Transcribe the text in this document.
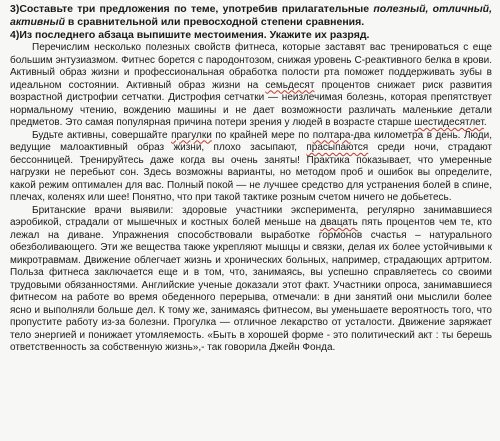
3)Составьте три предложения по теме, употребив прилагательные полезный, отличный, активный в сравнительной или превосходной степени сравнения.

4)Из последнего абзаца выпишите местоимения. Укажите их разряд.

Перечислим несколько полезных свойств фитнеса, которые заставят вас тренироваться с еще большим энтузиазмом. Фитнес борется с пародонтозом, снижая уровень С-реактивного белка в крови. Активный образ жизни и профессиональная обработка полости рта поможет поддерживать зубы в идеальном состоянии. Активный образ жизни на семьдесят процентов снижает риск развития возрастной дистрофии сетчатки. Дистрофия сетчатки — неизлечимая болезнь, которая препятствует нормальному чтению, вождению машины и не дает возможности различать маленькие детали предметов. Это самая популярная причина потери зрения у людей в возрасте старше шестидесятлет.

Будьте активны, совершайте прагулки по крайней мере по полтара-два километра в день. Люди, ведущие малоактивный образ жизни, плохо засыпают, прасыпаются среди ночи, страдают бессонницей. Тренируйтесь даже когда вы очень заняты! Практика показывает, что умеренные нагрузки не перебьют сон. Здесь возможны варианты, но методом проб и ошибок вы определите, какой режим оптимален для вас. Полный покой — не лучшее средство для устранения болей в спине, плечах, коленях или шее! Понятно, что при такой тактике розным счетом ничего не добьетесь.

Британские врачи выявили: здоровые участники эксперимента, регулярно занимавшиеся аэробикой, страдали от мышечных и костных болей меньше на двацать пять процентов чем те, кто лежал на диване. Упражнения способствовали выработке гормонов счастья – натурального обезболивающего. Эти же вещества также укрепляют мышцы и связки, делая их более устойчивыми к микротравмам. Движение облегчает жизнь и хронических больных, например, страдающих артритом. Польза фитнеса заключается еще и в том, что, занимаясь, вы успешно справляетесь со своими трудовыми обязанностями. Английские ученые доказали этот факт. Участники опроса, занимавшиеся фитнесом на работе во время обеденного перерыва, отмечали: в дни занятий они мыслили более ясно и выполняли больше дел. К тому же, занимаясь фитнесом, вы уменьшаете вероятность того, что пропустите работу из-за болезни. Прогулка — отличное лекарство от усталости. Движение заряжает тело энергией и понижает утомляемость. «Быть в хорошей форме - это политический акт : ты берешь ответственность за собственную жизнь»,- так говорила Джейн Фонда.
